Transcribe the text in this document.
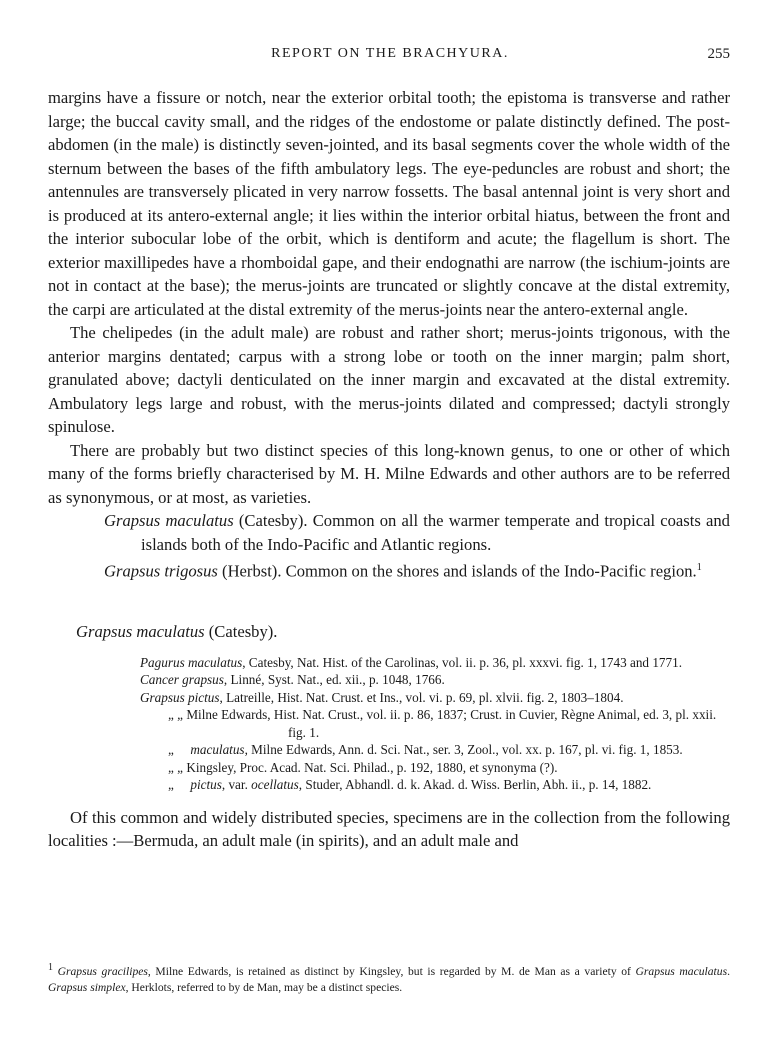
REPORT ON THE BRACHYURA.	255

margins have a fissure or notch, near the exterior orbital tooth; the epistoma is transverse and rather large; the buccal cavity small, and the ridges of the endostome or palate distinctly defined. The post-abdomen (in the male) is distinctly seven-jointed, and its basal segments cover the whole width of the sternum between the bases of the fifth ambulatory legs. The eye-peduncles are robust and short; the antennules are transversely plicated in very narrow fossetts. The basal antennal joint is very short and is produced at its antero-external angle; it lies within the interior orbital hiatus, between the front and the interior subocular lobe of the orbit, which is dentiform and acute; the flagellum is short. The exterior maxillipedes have a rhomboidal gape, and their endognathi are narrow (the ischium-joints are not in contact at the base); the merus-joints are truncated or slightly concave at the distal extremity, the carpi are articulated at the distal extremity of the merus-joints near the antero-external angle.

The chelipedes (in the adult male) are robust and rather short; merus-joints trigonous, with the anterior margins dentated; carpus with a strong lobe or tooth on the inner margin; palm short, granulated above; dactyli denticulated on the inner margin and excavated at the distal extremity. Ambulatory legs large and robust, with the merus-joints dilated and compressed; dactyli strongly spinulose.

There are probably but two distinct species of this long-known genus, to one or other of which many of the forms briefly characterised by M. H. Milne Edwards and other authors are to be referred as synonymous, or at most, as varieties.

Grapsus maculatus (Catesby). Common on all the warmer temperate and tropical coasts and islands both of the Indo-Pacific and Atlantic regions.

Grapsus trigosus (Herbst). Common on the shores and islands of the Indo-Pacific region.$^1$

Grapsus maculatus (Catesby).

Pagurus maculatus, Catesby, Nat. Hist. of the Carolinas, vol. ii. p. 36, pl. xxxvi. fig. 1, 1743 and 1771.
Cancer grapsus, Linné, Syst. Nat., ed. xii., p. 1048, 1766.
Grapsus pictus, Latreille, Hist. Nat. Crust. et Ins., vol. vi. p. 69, pl. xlvii. fig. 2, 1803–1804.
„ „ Milne Edwards, Hist. Nat. Crust., vol. ii. p. 86, 1837; Crust. in Cuvier, Règne Animal, ed. 3, pl. xxii. fig. 1.
„ maculatus, Milne Edwards, Ann. d. Sci. Nat., ser. 3, Zool., vol. xx. p. 167, pl. vi. fig. 1, 1853.
„ „ Kingsley, Proc. Acad. Nat. Sci. Philad., p. 192, 1880, et synonyma (?).
„ pictus, var. ocellatus, Studer, Abhandl. d. k. Akad. d. Wiss. Berlin, Abh. ii., p. 14, 1882.

Of this common and widely distributed species, specimens are in the collection from the following localities :—Bermuda, an adult male (in spirits), and an adult male and

$^1$ Grapsus gracilipes, Milne Edwards, is retained as distinct by Kingsley, but is regarded by M. de Man as a variety of Grapsus maculatus. Grapsus simplex, Herklots, referred to by de Man, may be a distinct species.
